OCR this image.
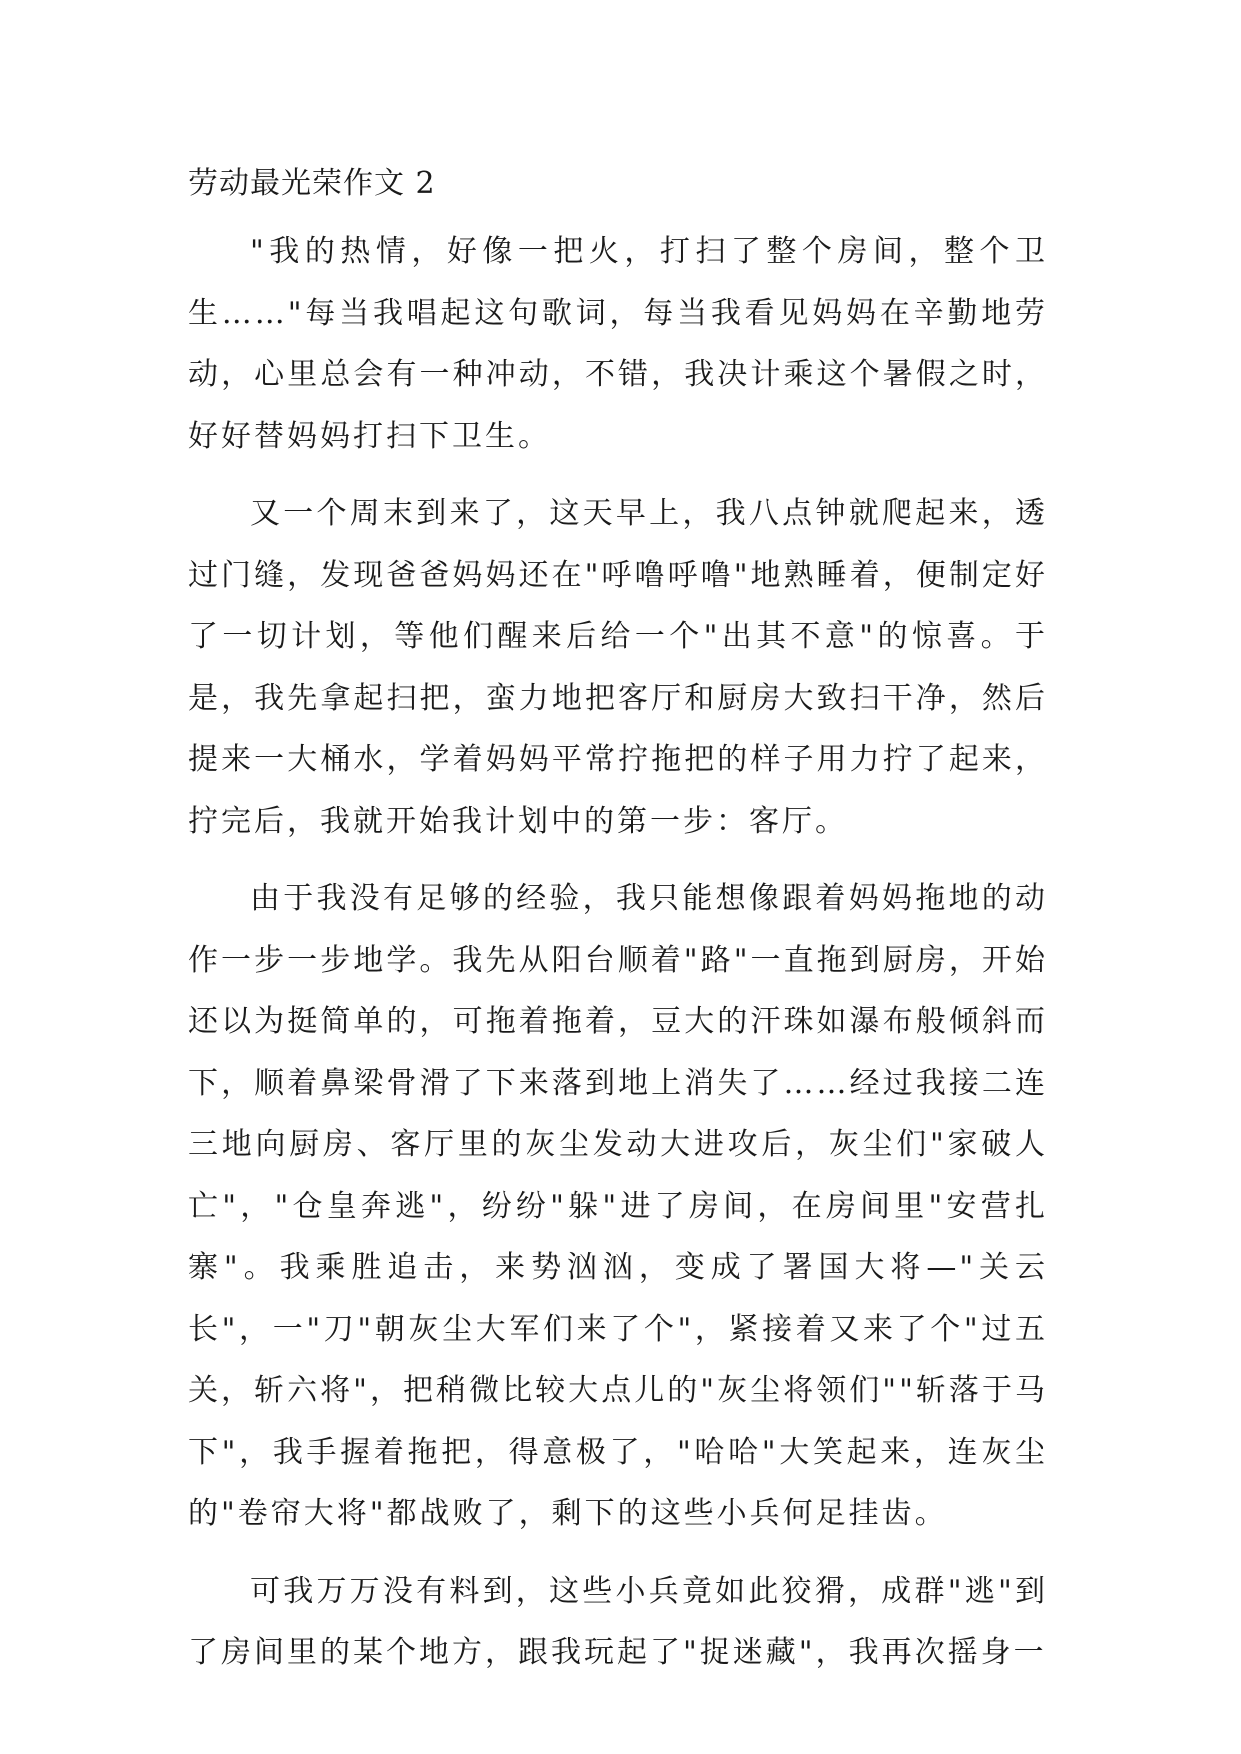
劳动最光荣作文 2

"我的热情，好像一把火，打扫了整个房间，整个卫生……"每当我唱起这句歌词，每当我看见妈妈在辛勤地劳动，心里总会有一种冲动，不错，我决计乘这个暑假之时，好好替妈妈打扫下卫生。

又一个周末到来了，这天早上，我八点钟就爬起来，透过门缝，发现爸爸妈妈还在"呼噜呼噜"地熟睡着，便制定好了一切计划，等他们醒来后给一个"出其不意"的惊喜。于是，我先拿起扫把，蛮力地把客厅和厨房大致扫干净，然后提来一大桶水，学着妈妈平常拧拖把的样子用力拧了起来，拧完后，我就开始我计划中的第一步：客厅。

由于我没有足够的经验，我只能想像跟着妈妈拖地的动作一步一步地学。我先从阳台顺着"路"一直拖到厨房，开始还以为挺简单的，可拖着拖着，豆大的汗珠如瀑布般倾斜而下，顺着鼻梁骨滑了下来落到地上消失了……经过我接二连三地向厨房、客厅里的灰尘发动大进攻后，灰尘们"家破人亡"，"仓皇奔逃"，纷纷"躲"进了房间，在房间里"安营扎寨"。我乘胜追击，来势汹汹，变成了署国大将—"关云长"，一"刀"朝灰尘大军们来了个"，紧接着又来了个"过五关，斩六将"，把稍微比较大点儿的"灰尘将领们""斩落于马下"，我手握着拖把，得意极了，"哈哈"大笑起来，连灰尘的"卷帘大将"都战败了，剩下的这些小兵何足挂齿。

可我万万没有料到，这些小兵竟如此狡猾，成群"逃"到了房间里的某个地方，跟我玩起了"捉迷藏"，我再次摇身一
